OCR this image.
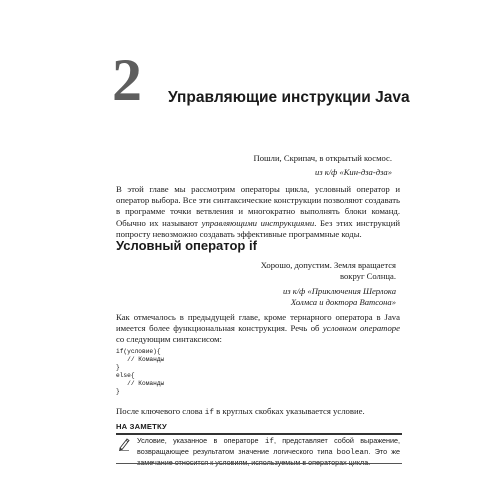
2 Управляющие инструкции Java
Пошли, Скрипач, в открытый космос.
из к/ф «Кин-дза-дза»
В этой главе мы рассмотрим операторы цикла, условный оператор и оператор выбора. Все эти синтаксические конструкции позволяют создавать в программе точки ветвления и многократно выполнять блоки команд. Обычно их называют управляющими инструкциями. Без этих инструкций попросту невозможно создавать эффективные программные коды.
Условный оператор if
Хорошо, допустим. Земля вращается вокруг Солнца.
из к/ф «Приключения Шерлока Холмса и доктора Ватсона»
Как отмечалось в предыдущей главе, кроме тернарного оператора в Java имеется более функциональная конструкция. Речь об условном операторе со следующим синтаксисом:
if(условие){
// Команды
}
else{
// Команды
}
После ключевого слова if в круглых скобках указывается условие.
НА ЗАМЕТКУ
Условие, указанное в операторе if, представляет собой выражение, возвращающее результатом значение логического типа boolean. Это же замечание относится к условиям, используемым в операторах цикла.
